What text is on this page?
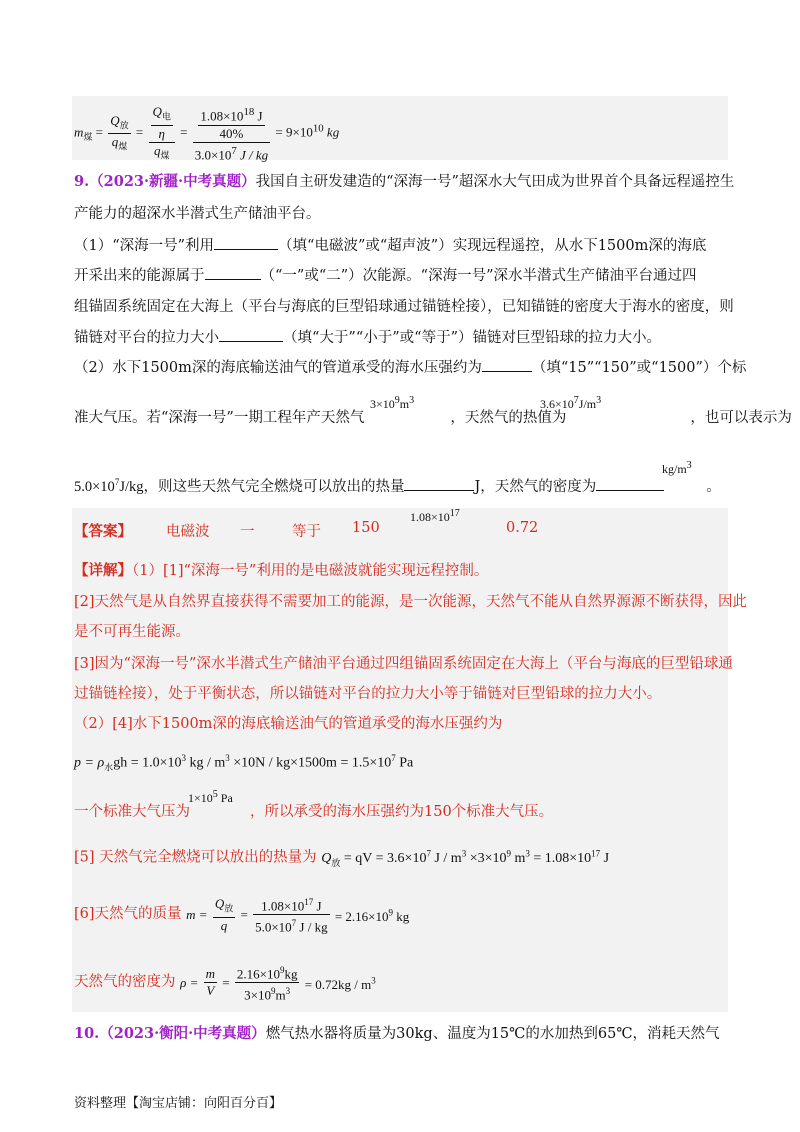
$m_煤 = \frac{Q_放}{q_煤} = \frac{\frac{Q_电}{\eta}}{q_煤} = \frac{\frac{1.08\times 10^{18} J}{40\%}}{3.0\times 10^7 J / kg} = 9\times 10^{10}$ kg
9.（2023·新疆·中考真题）我国自主研发建造的“深海一号”超深水大气田成为世界首个具备远程遥控生
产能力的超深水半潜式生产储油平台。
（1）“深海一号”利用	（填“电磁波”或“超声波”）实现远程遥控，从水下1500m深的海底
开采出来的能源属于	（“一”或“二”）次能源。“深海一号”深水半潜式生产储油平台通过四
组锚固系统固定在大海上（平台与海底的巨型铅球通过锚链栓接），已知锚链的密度大于海水的密度，则
锚链对平台的拉力大小	（填“大于”“小于”或“等于”）锚链对巨型铅球的拉力大小。
（2）水下1500m深的海底输送油气的管道承受的海水压强约为	（填“15”“150”或“1500”）个标
准大气压。若“深海一号”一期工程年产天然气	，天然气的热值为	，也可以表示为
$3\times 10^9m^3$	$3.6\times 10^7J/m^3$
$5.0\times 10^7J/kg$，则这些天然气完全燃烧可以放出的热量	J，天然气的密度为	。
$kg/m^3$
【答案】 电磁波 一	等于 150
$1.08\times 10^{17}$
0.72
【详解】（1）[1]“深海一号”利用的是电磁波就能实现远程控制。
[2]天然气是从自然界直接获得不需要加工的能源，是一次能源，天然气不能从自然界源源不断获得，因此
是不可再生能源。
[3]因为“深海一号”深水半潜式生产储油平台通过四组锚固系统固定在大海上（平台与海底的巨型铅球通
过锚链栓接），处于平衡状态，所以锚链对平台的拉力大小等于锚链对巨型铅球的拉力大小。
（2）[4]水下1500m深的海底输送油气的管道承受的海水压强约为
$p = \rho_水gh = 1.0\times 10^3$ kg / $m^3 \times 10N / kg\times 1500m = 1.5\times 10^7$ Pa
一个标准大气压为	，所以承受的海水压强约为150个标准大气压。
$1\times 10^5$ Pa
[5] 天然气完全燃烧可以放出的热量为 $Q_放$ = qV = $3.6\times 10^7$ $J / m^3 \times 3\times 10^9$ $m^3 = 1.08\times 10^{17}$ J
[6]天然气的质量 $m = \frac{Q_放}{q} = \frac{1.08\times 10^{17} J}{5.0\times 10^7 J / kg} = 2.16\times 10^9$ kg
天然气的密度为 $\rho = \frac{m}{V} = \frac{2.16\times 10^9kg}{3\times 10^9m^3} = 0.72kg / m^3$
10.（2023·衡阳·中考真题）燃气热水器将质量为30kg、温度为15℃的水加热到65℃，消耗天然气
资料整理【淘宝店铺：向阳百分百】
